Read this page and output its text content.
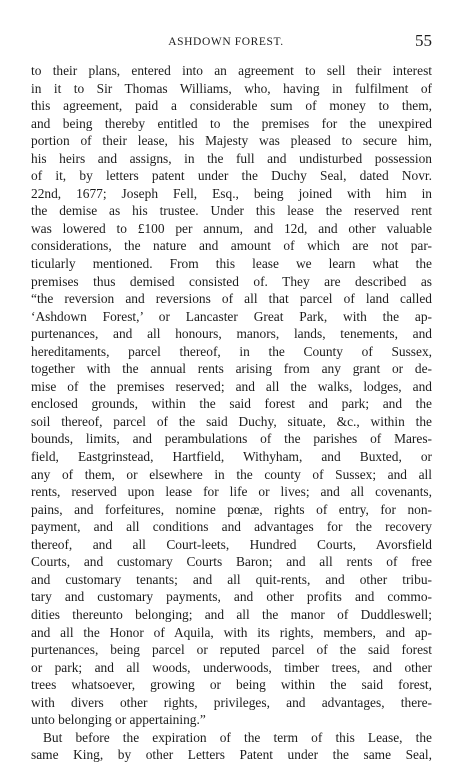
ASHDOWN FOREST.	55
to their plans, entered into an agreement to sell their interest
in it to Sir Thomas Williams, who, having in fulfilment of
this agreement, paid a considerable sum of money to them,
and being thereby entitled to the premises for the unexpired
portion of their lease, his Majesty was pleased to secure him,
his heirs and assigns, in the full and undisturbed possession
of it, by letters patent under the Duchy Seal, dated Novr.
22nd, 1677; Joseph Fell, Esq., being joined with him in
the demise as his trustee. Under this lease the reserved rent
was lowered to £100 per annum, and 12d, and other valuable
considerations, the nature and amount of which are not par-
ticularly mentioned. From this lease we learn what the
premises thus demised consisted of. They are described as
“the reversion and reversions of all that parcel of land called
‘Ashdown Forest,’ or Lancaster Great Park, with the ap-
purtenances, and all honours, manors, lands, tenements, and
hereditaments, parcel thereof, in the County of Sussex,
together with the annual rents arising from any grant or de-
mise of the premises reserved; and all the walks, lodges, and
enclosed grounds, within the said forest and park; and the
soil thereof, parcel of the said Duchy, situate, &c., within the
bounds, limits, and perambulations of the parishes of Mares-
field, Eastgrinstead, Hartfield, Withyham, and Buxted, or
any of them, or elsewhere in the county of Sussex; and all
rents, reserved upon lease for life or lives; and all covenants,
pains, and forfeitures, nomine pœnæ, rights of entry, for non-
payment, and all conditions and advantages for the recovery
thereof, and all Court-leets, Hundred Courts, Avorsfield
Courts, and customary Courts Baron; and all rents of free
and customary tenants; and all quit-rents, and other tribu-
tary and customary payments, and other profits and commo-
dities thereunto belonging; and all the manor of Duddleswell;
and all the Honor of Aquila, with its rights, members, and ap-
purtenances, being parcel or reputed parcel of the said forest
or park; and all woods, underwoods, timber trees, and other
trees whatsoever, growing or being within the said forest,
with divers other rights, privileges, and advantages, there-
unto belonging or appertaining.”
But before the expiration of the term of this Lease, the
same King, by other Letters Patent under the same Seal,
